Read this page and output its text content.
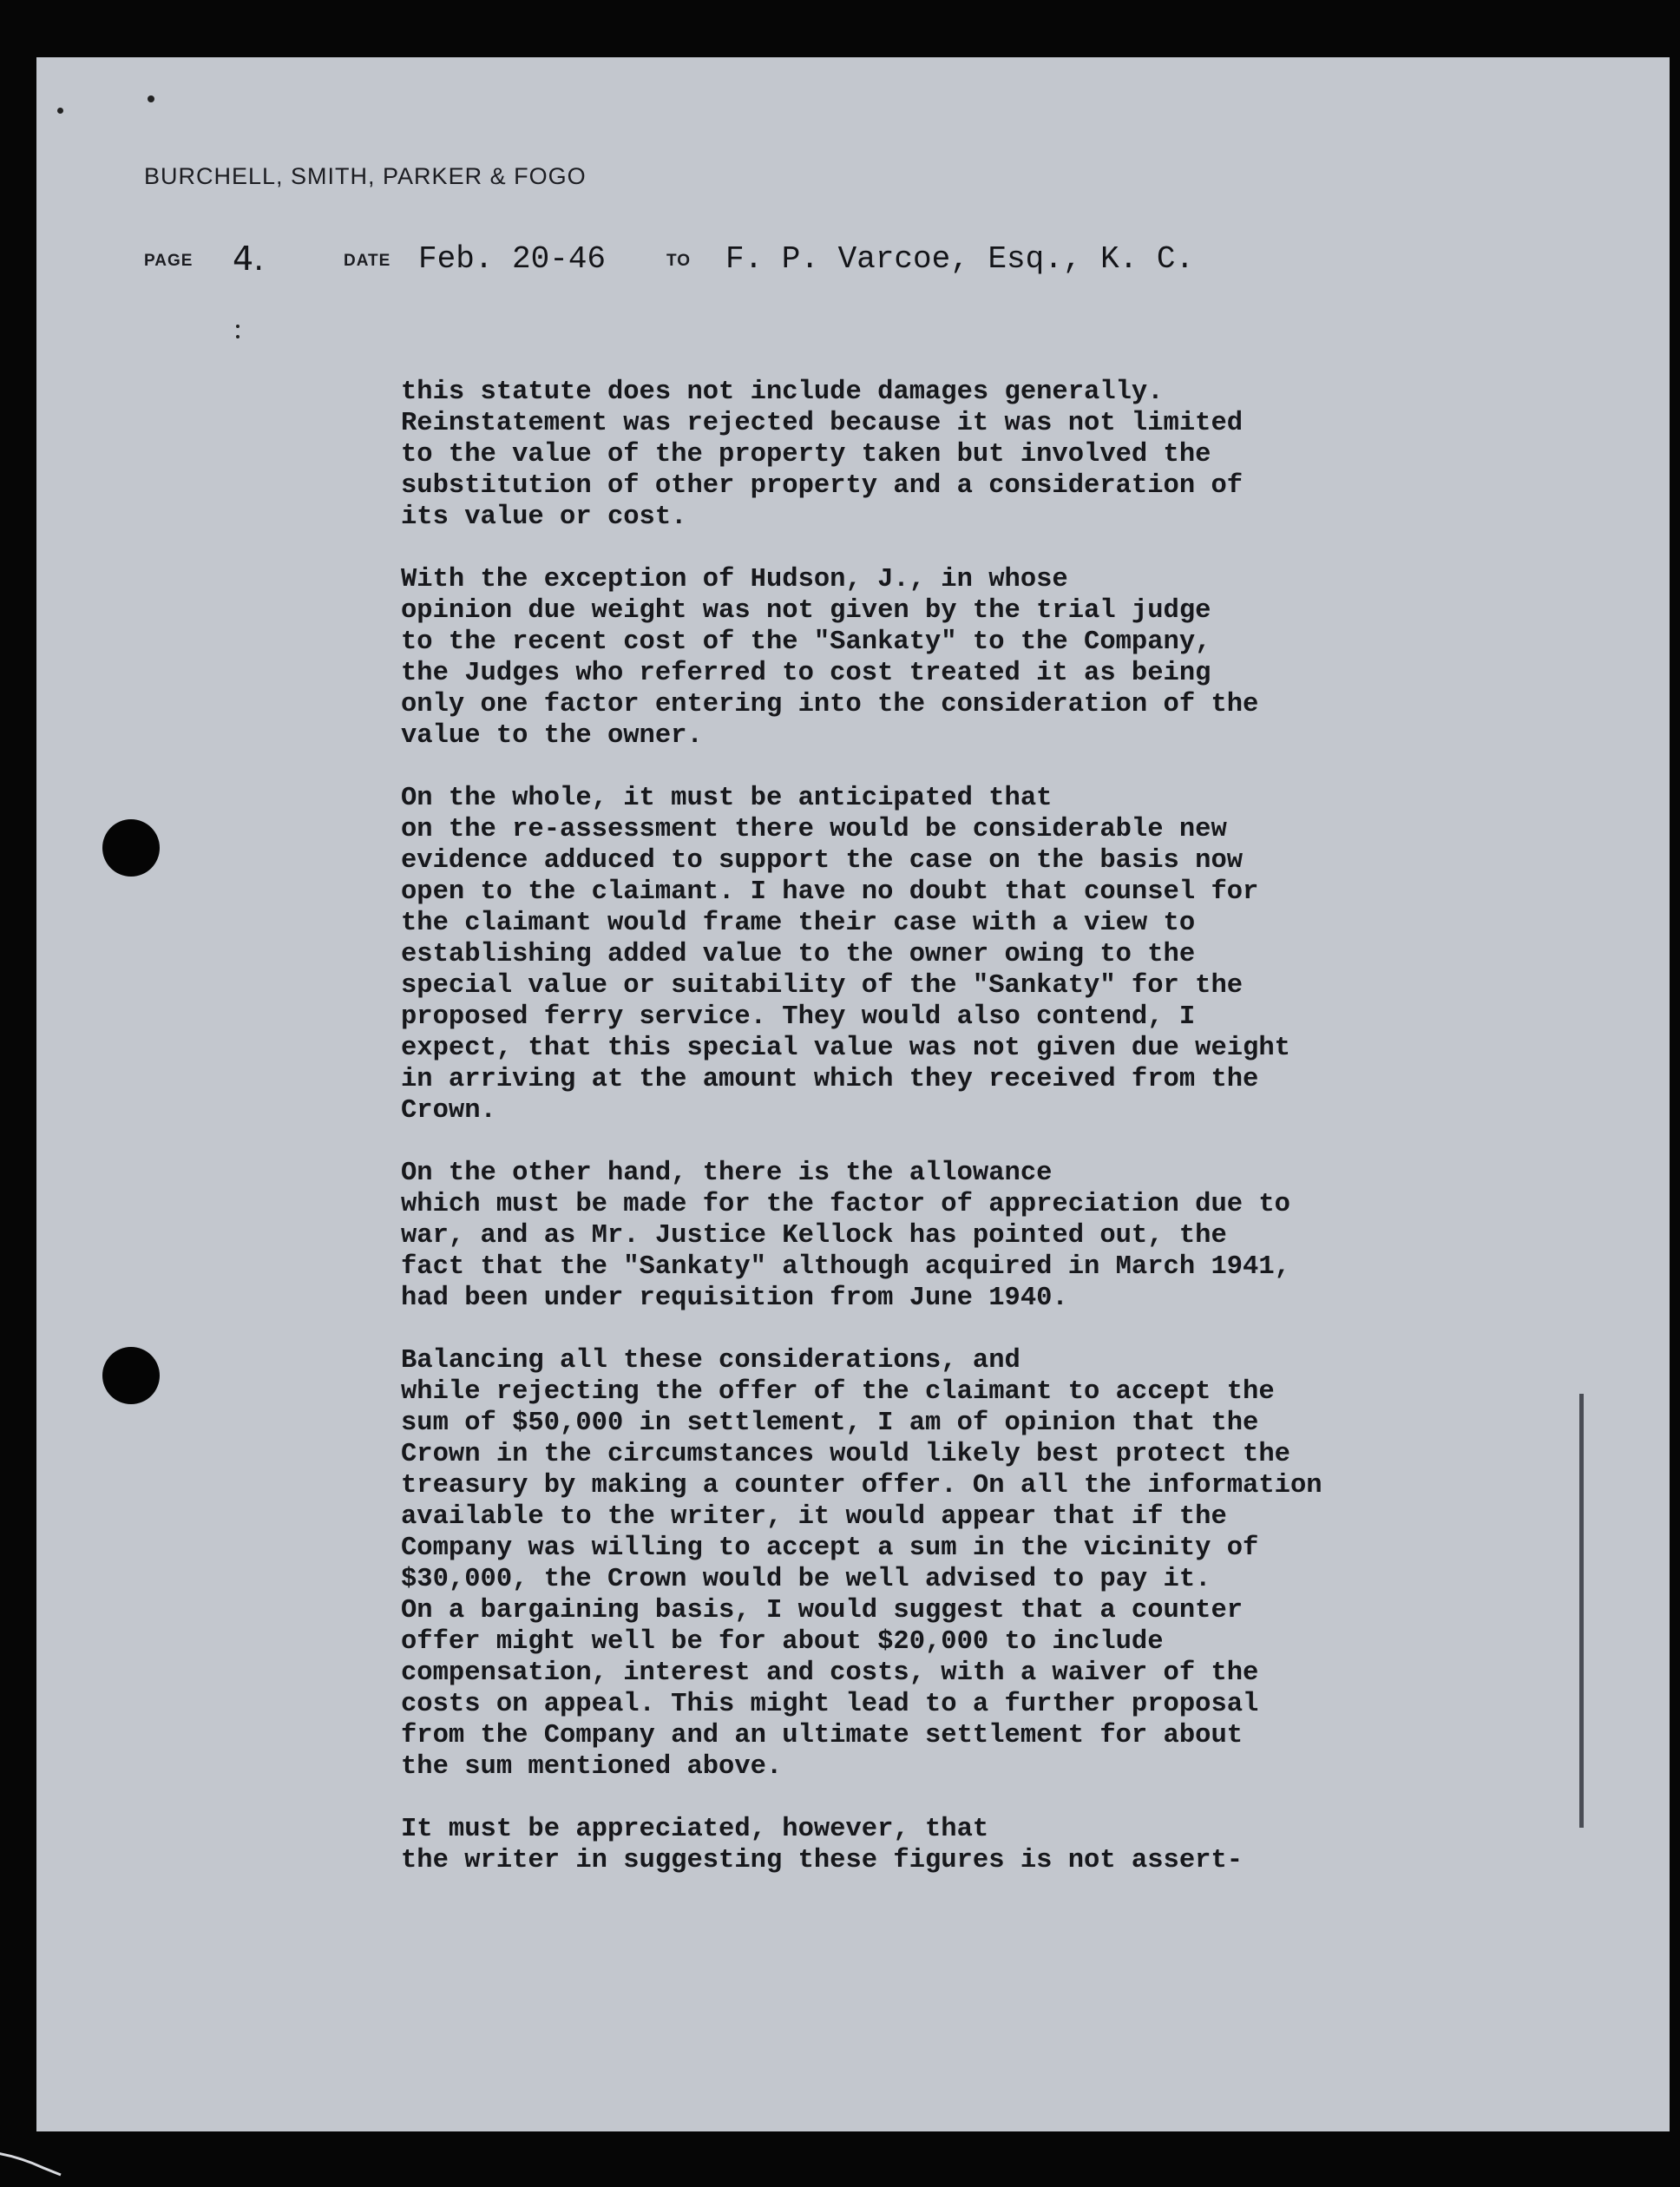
BURCHELL, SMITH, PARKER & FOGO
PAGE 4.	DATE Feb. 20-46	TO F. P. Varcoe, Esq., K. C.

this statute does not include damages generally.
Reinstatement was rejected because it was not limited
to the value of the property taken but involved the
substitution of other property and a consideration of
its value or cost.

With the exception of Hudson, J., in whose
opinion due weight was not given by the trial judge
to the recent cost of the "Sankaty" to the Company,
the Judges who referred to cost treated it as being
only one factor entering into the consideration of the
value to the owner.

On the whole, it must be anticipated that
on the re-assessment there would be considerable new
evidence adduced to support the case on the basis now
open to the claimant. I have no doubt that counsel for
the claimant would frame their case with a view to
establishing added value to the owner owing to the
special value or suitability of the "Sankaty" for the
proposed ferry service. They would also contend, I
expect, that this special value was not given due weight
in arriving at the amount which they received from the
Crown.

On the other hand, there is the allowance
which must be made for the factor of appreciation due to
war, and as Mr. Justice Kellock has pointed out, the
fact that the "Sankaty" although acquired in March 1941,
had been under requisition from June 1940.

Balancing all these considerations, and
while rejecting the offer of the claimant to accept the
sum of $50,000 in settlement, I am of opinion that the
Crown in the circumstances would likely best protect the
treasury by making a counter offer. On all the information
available to the writer, it would appear that if the
Company was willing to accept a sum in the vicinity of
$30,000, the Crown would be well advised to pay it.
On a bargaining basis, I would suggest that a counter
offer might well be for about $20,000 to include
compensation, interest and costs, with a waiver of the
costs on appeal. This might lead to a further proposal
from the Company and an ultimate settlement for about
the sum mentioned above.

It must be appreciated, however, that
the writer in suggesting these figures is not assert-
